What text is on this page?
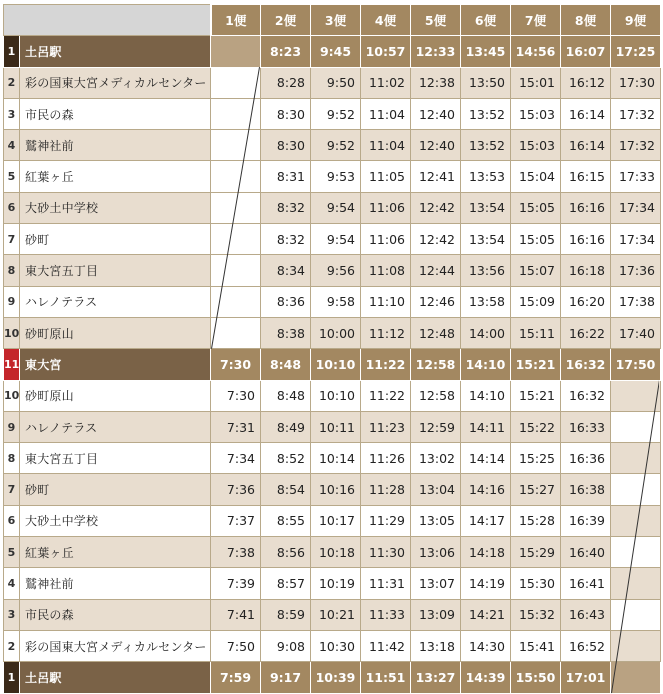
		1便	2便	3便	4便	5便	6便	7便	8便	9便
1	土呂駅		8:23	9:45	10:57	12:33	13:45	14:56	16:07	17:25
2	彩の国東大宮メディカルセンター		8:28	9:50	11:02	12:38	13:50	15:01	16:12	17:30
3	市民の森		8:30	9:52	11:04	12:40	13:52	15:03	16:14	17:32
4	鷲神社前		8:30	9:52	11:04	12:40	13:52	15:03	16:14	17:32
5	紅葉ヶ丘		8:31	9:53	11:05	12:41	13:53	15:04	16:15	17:33
6	大砂土中学校		8:32	9:54	11:06	12:42	13:54	15:05	16:16	17:34
7	砂町		8:32	9:54	11:06	12:42	13:54	15:05	16:16	17:34
8	東大宮五丁目		8:34	9:56	11:08	12:44	13:56	15:07	16:18	17:36
9	ハレノテラス		8:36	9:58	11:10	12:46	13:58	15:09	16:20	17:38
10	砂町原山		8:38	10:00	11:12	12:48	14:00	15:11	16:22	17:40
11	東大宮	7:30	8:48	10:10	11:22	12:58	14:10	15:21	16:32	17:50
10	砂町原山	7:30	8:48	10:10	11:22	12:58	14:10	15:21	16:32	
9	ハレノテラス	7:31	8:49	10:11	11:23	12:59	14:11	15:22	16:33	
8	東大宮五丁目	7:34	8:52	10:14	11:26	13:02	14:14	15:25	16:36	
7	砂町	7:36	8:54	10:16	11:28	13:04	14:16	15:27	16:38	
6	大砂土中学校	7:37	8:55	10:17	11:29	13:05	14:17	15:28	16:39	
5	紅葉ヶ丘	7:38	8:56	10:18	11:30	13:06	14:18	15:29	16:40	
4	鷲神社前	7:39	8:57	10:19	11:31	13:07	14:19	15:30	16:41	
3	市民の森	7:41	8:59	10:21	11:33	13:09	14:21	15:32	16:43	
2	彩の国東大宮メディカルセンター	7:50	9:08	10:30	11:42	13:18	14:30	15:41	16:52	
1	土呂駅	7:59	9:17	10:39	11:51	13:27	14:39	15:50	17:01	
